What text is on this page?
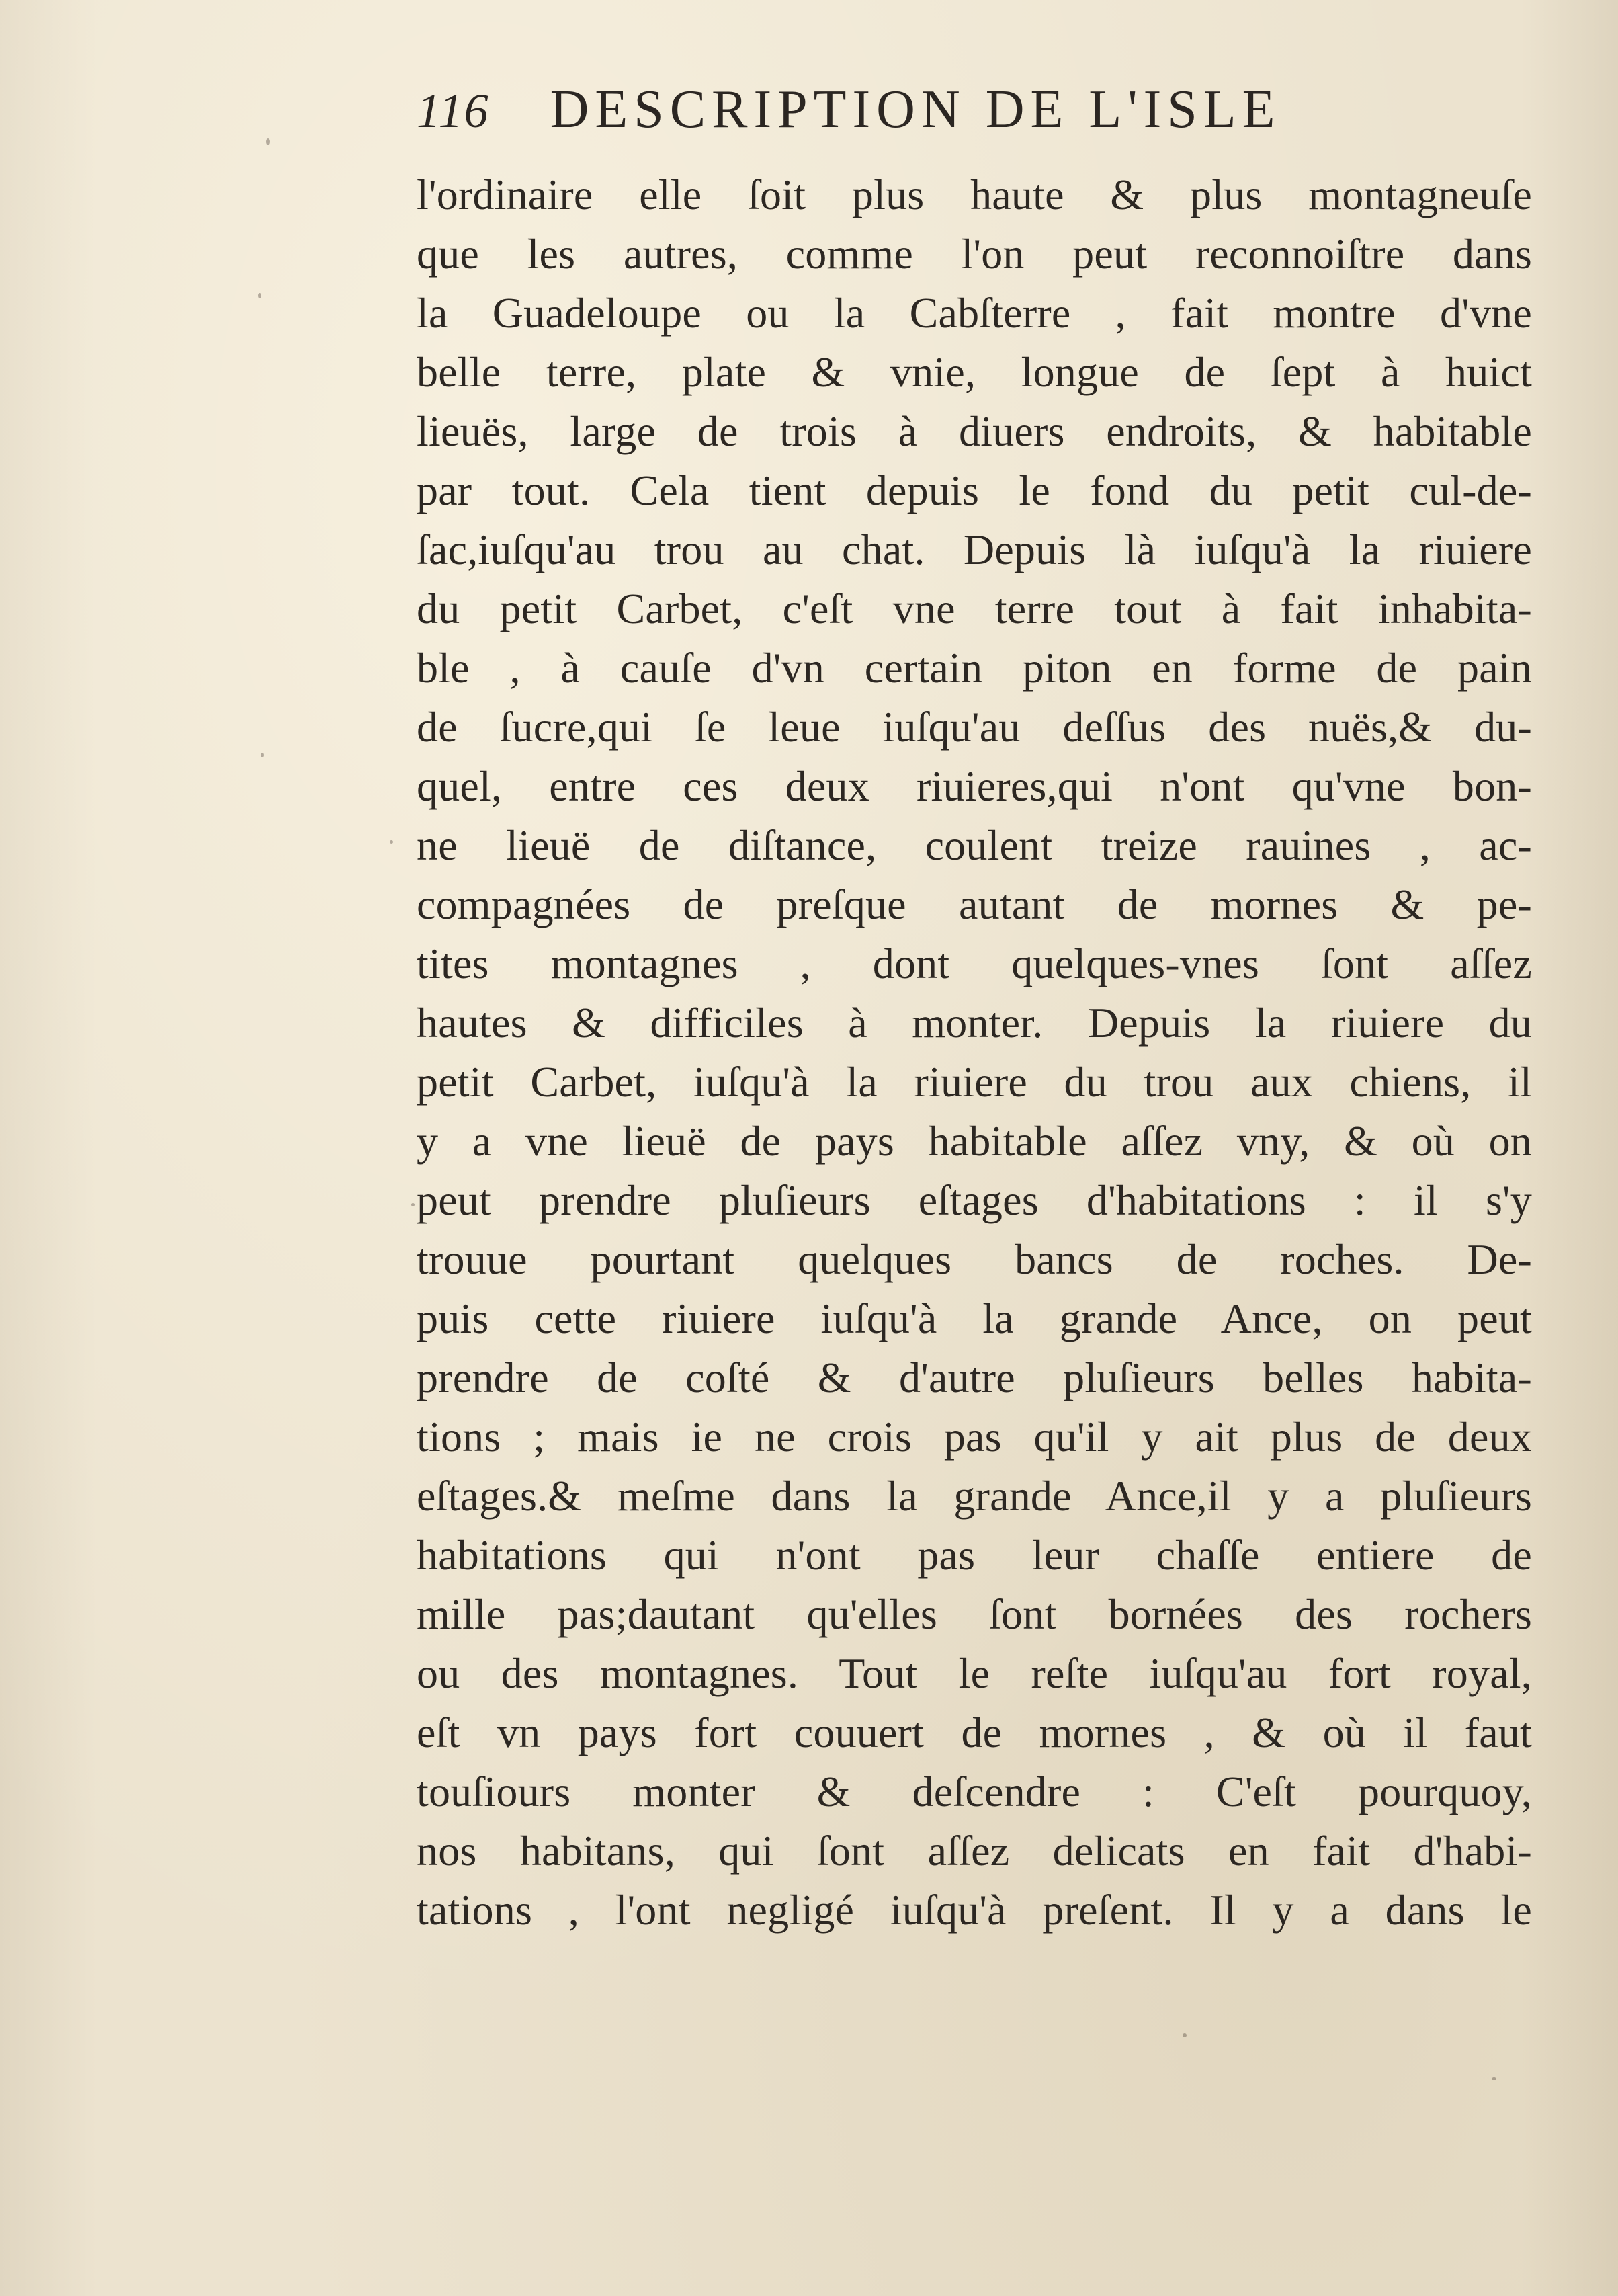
116 DESCRIPTION DE L'ISLE
l'ordinaire elle ſoit plus haute & plus montagneuſe
que les autres, comme l'on peut reconnoiſtre dans
la Guadeloupe ou la Cabſterre , fait montre d'vne
belle terre, plate & vnie, longue de ſept à huict
lieuës, large de trois à diuers endroits, & habitable
par tout. Cela tient depuis le fond du petit cul-de-
ſac,iuſqu'au trou au chat. Depuis là iuſqu'à la riuiere
du petit Carbet, c'eſt vne terre tout à fait inhabita-
ble , à cauſe d'vn certain piton en forme de pain
de ſucre,qui ſe leue iuſqu'au deſſus des nuës,& du-
quel, entre ces deux riuieres,qui n'ont qu'vne bon-
ne lieuë de diſtance, coulent treize rauines , ac-
compagnées de preſque autant de mornes & pe-
tites montagnes , dont quelques-vnes ſont aſſez
hautes & difficiles à monter. Depuis la riuiere du
petit Carbet, iuſqu'à la riuiere du trou aux chiens, il
y a vne lieuë de pays habitable aſſez vny, & où on
peut prendre pluſieurs eſtages d'habitations : il s'y
trouue pourtant quelques bancs de roches. De-
puis cette riuiere iuſqu'à la grande Ance, on peut
prendre de coſté & d'autre pluſieurs belles habita-
tions ; mais ie ne crois pas qu'il y ait plus de deux
eſtages.& meſme dans la grande Ance,il y a pluſieurs
habitations qui n'ont pas leur chaſſe entiere de
mille pas;dautant qu'elles ſont bornées des rochers
ou des montagnes. Tout le reſte iuſqu'au fort royal,
eſt vn pays fort couuert de mornes , & où il faut
touſiours monter & deſcendre : C'eſt pourquoy,
nos habitans, qui ſont aſſez delicats en fait d'habi-
tations , l'ont negligé iuſqu'à preſent. Il y a dans le
